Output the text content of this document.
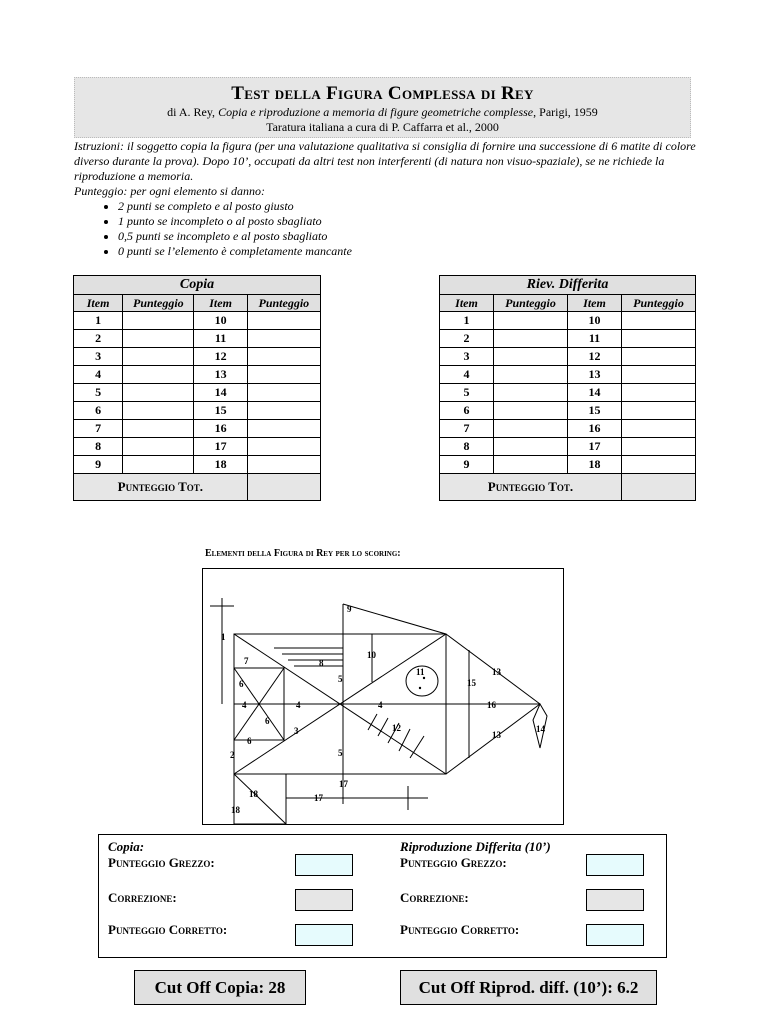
Test della Figura Complessa di Rey
di A. Rey, Copia e riproduzione a memoria di figure geometriche complesse, Parigi, 1959
Taratura italiana a cura di P. Caffarra et al., 2000
Istruzioni: il soggetto copia la figura (per una valutazione qualitativa si consiglia di fornire una successione di 6 matite di colore diverso durante la prova). Dopo 10’, occupati da altri test non interferenti (di natura non visuo-spaziale), se ne richiede la riproduzione a memoria.
Punteggio: per ogni elemento si danno:
• 2 punti se completo e al posto giusto
• 1 punto se incompleto o al posto sbagliato
• 0,5 punti se incompleto e al posto sbagliato
• 0 punti se l’elemento è completamente mancante
Copia			
Item	Punteggio	Item	Punteggio
1		10	
2		11	
3		12	
4		13	
5		14	
6		15	
7		16	
8		17	
9		18	
Punteggio Tot.			
Riev. Differita			
Item	Punteggio	Item	Punteggio
1		10	
2		11	
3		12	
4		13	
5		14	
6		15	
7		16	
8		17	
9		18	
Punteggio Tot.			
Elementi della Figura di Rey per lo scoring:
1
2
3
4	4	4
5
5
6
6
6
7	8
9
10
11
12
13
13
14
15
16
17
17
18
18
Copia:
Punteggio Grezzo:
Correzione:
Punteggio Corretto:
Riproduzione Differita (10’)
Punteggio Grezzo:
Correzione:
Punteggio Corretto:
Cut Off Copia: 28	Cut Off Riprod. diff. (10’): 6.2
